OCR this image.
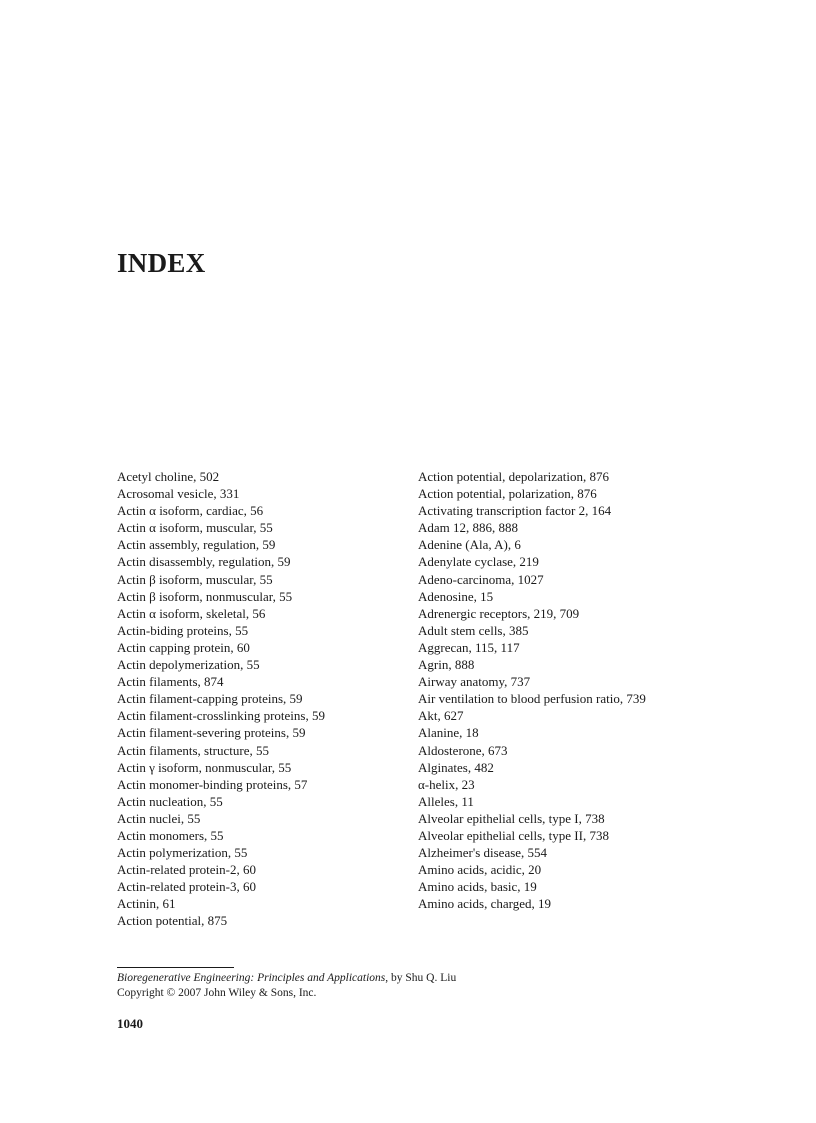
INDEX
Acetyl choline, 502
Acrosomal vesicle, 331
Actin α isoform, cardiac, 56
Actin α isoform, muscular, 55
Actin assembly, regulation, 59
Actin disassembly, regulation, 59
Actin β isoform, muscular, 55
Actin β isoform, nonmuscular, 55
Actin α isoform, skeletal, 56
Actin-biding proteins, 55
Actin capping protein, 60
Actin depolymerization, 55
Actin filaments, 874
Actin filament-capping proteins, 59
Actin filament-crosslinking proteins, 59
Actin filament-severing proteins, 59
Actin filaments, structure, 55
Actin γ isoform, nonmuscular, 55
Actin monomer-binding proteins, 57
Actin nucleation, 55
Actin nuclei, 55
Actin monomers, 55
Actin polymerization, 55
Actin-related protein-2, 60
Actin-related protein-3, 60
Actinin, 61
Action potential, 875
Action potential, depolarization, 876
Action potential, polarization, 876
Activating transcription factor 2, 164
Adam 12, 886, 888
Adenine (Ala, A), 6
Adenylate cyclase, 219
Adeno-carcinoma, 1027
Adenosine, 15
Adrenergic receptors, 219, 709
Adult stem cells, 385
Aggrecan, 115, 117
Agrin, 888
Airway anatomy, 737
Air ventilation to blood perfusion ratio, 739
Akt, 627
Alanine, 18
Aldosterone, 673
Alginates, 482
α-helix, 23
Alleles, 11
Alveolar epithelial cells, type I, 738
Alveolar epithelial cells, type II, 738
Alzheimer's disease, 554
Amino acids, acidic, 20
Amino acids, basic, 19
Amino acids, charged, 19
Bioregenerative Engineering: Principles and Applications, by Shu Q. Liu
Copyright © 2007 John Wiley & Sons, Inc.
1040
